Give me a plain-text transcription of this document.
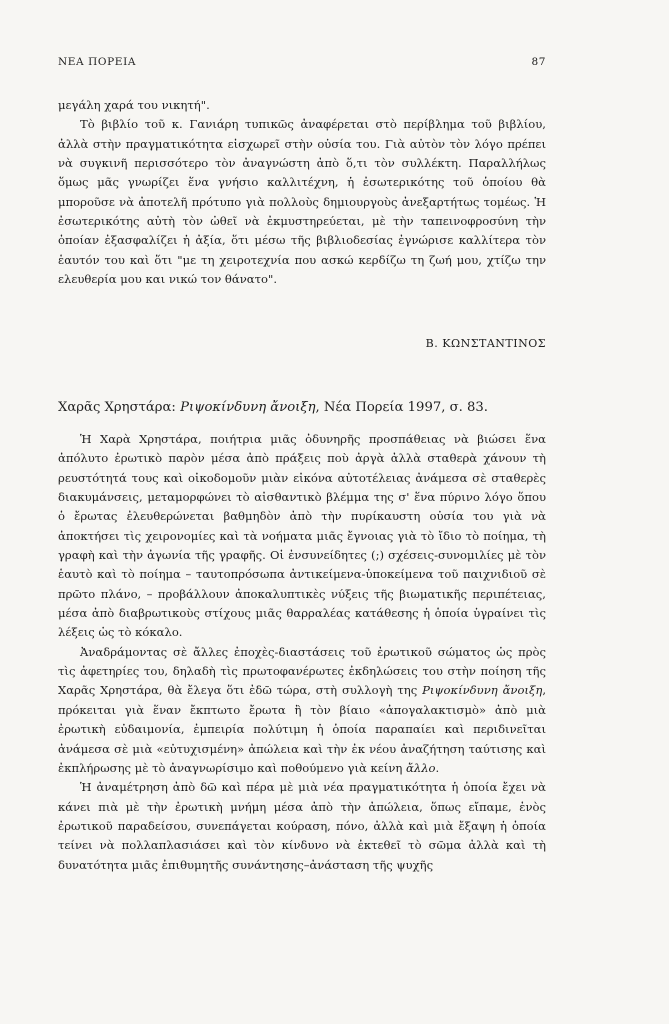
ΝΕΑ ΠΟΡΕΙΑ	87

μεγάλη χαρά του νικητή".

Τὸ βιβλίο τοῦ κ. Γανιάρη τυπικῶς ἀναφέρεται στὸ περίβλημα τοῦ βιβλίου, ἀλλὰ στὴν πραγματικότητα εἰσχωρεῖ στὴν οὐσία του. Γιὰ αὐτὸν τὸν λόγο πρέπει νὰ συγκινῆ περισσότερο τὸν ἀναγνώστη ἀπὸ ὅ,τι τὸν συλλέκτη. Παραλλήλως ὅμως μᾶς γνωρίζει ἕνα γνήσιο καλλιτέχνη, ἡ ἐσωτερικότης τοῦ ὁποίου θὰ μποροῦσε νὰ ἀποτελῆ πρότυπο γιὰ πολλοὺς δημιουργοὺς ἀνεξαρτήτως τομέως. Ἡ ἐσωτερικότης αὐτὴ τὸν ὠθεῖ νὰ ἐκμυστηρεύεται, μὲ τὴν ταπεινοφροσύνη τὴν ὁποίαν ἐξασφαλίζει ἡ ἀξία, ὅτι μέσω τῆς βιβλιοδεσίας ἐγνώρισε καλλίτερα τὸν ἑαυτόν του καὶ ὅτι "με τη χειροτεχνία που ασκώ κερδίζω τη ζωή μου, χτίζω την ελευθερία μου και νικώ τον θάνατο".

Β. ΚΩΝΣΤΑΝΤΙΝΟΣ
Χαρᾶς Χρηστάρα: Ριψοκίνδυνη ἄνοιξη, Νέα Πορεία 1997, σ. 83.

Ἡ Χαρὰ Χρηστάρα, ποιήτρια μιᾶς ὀδυνηρῆς προσπάθειας νὰ βιώσει ἕνα ἀπόλυτο ἐρωτικὸ παρὸν μέσα ἀπὸ πράξεις ποὺ ἀργὰ ἀλλὰ σταθερὰ χάνουν τὴ ρευστότητά τους καὶ οἰκοδομοῦν μιὰν εἰκόνα αὐτοτέλειας ἀνάμεσα σὲ σταθερὲς διακυμάνσεις, μεταμορφώνει τὸ αἰσθαντικὸ βλέμμα της σ' ἕνα πύρινο λόγο ὅπου ὁ ἔρωτας ἐλευθερώνεται βαθμηδὸν ἀπὸ τὴν πυρίκαυστη οὐσία του γιὰ νὰ ἀποκτήσει τὶς χειρονομίες καὶ τὰ νοήματα μιᾶς ἔγνοιας γιὰ τὸ ἴδιο τὸ ποίημα, τὴ γραφὴ καὶ τὴν ἀγωνία τῆς γραφῆς. Οἱ ἐνσυνείδητες (;) σχέσεις-συνομιλίες μὲ τὸν ἑαυτὸ καὶ τὸ ποίημα – ταυτοπρόσωπα ἀντικείμενα-ὑποκείμενα τοῦ παιχνιδιοῦ σὲ πρῶτο πλάνο, – προβάλλουν ἀποκαλυπτικὲς νύξεις τῆς βιωματικῆς περιπέτειας, μέσα ἀπὸ διαβρωτικοὺς στίχους μιᾶς θαρραλέας κατάθεσης ἡ ὁποία ὑγραίνει τὶς λέξεις ὡς τὸ κόκαλο.

Ἀναδράμοντας σὲ ἄλλες ἐποχὲς-διαστάσεις τοῦ ἐρωτικοῦ σώματος ὡς πρὸς τὶς ἀφετηρίες του, δηλαδὴ τὶς πρωτοφανέρωτες ἐκδηλώσεις του στὴν ποίηση τῆς Χαρᾶς Χρηστάρα, θὰ ἔλεγα ὅτι ἐδῶ τώρα, στὴ συλλογὴ της Ριψοκίνδυνη ἄνοιξη, πρόκειται γιὰ ἕναν ἔκπτωτο ἔρωτα ἢ τὸν βίαιο «ἀπογαλακτισμὸ» ἀπὸ μιὰ ἐρωτικὴ εὐδαιμονία, ἐμπειρία πολύτιμη ἡ ὁποία παραπαίει καὶ περιδινεῖται ἀνάμεσα σὲ μιὰ «εὐτυχισμένη» ἀπώλεια καὶ τὴν ἐκ νέου ἀναζήτηση ταύτισης καὶ ἐκπλήρωσης μὲ τὸ ἀναγνωρίσιμο καὶ ποθούμενο γιὰ κείνη ἄλλο.

Ἡ ἀναμέτρηση ἀπὸ δῶ καὶ πέρα μὲ μιὰ νέα πραγματικότητα ἡ ὁποία ἔχει νὰ κάνει πιὰ μὲ τὴν ἐρωτικὴ μνήμη μέσα ἀπὸ τὴν ἀπώλεια, ὅπως εἴπαμε, ἑνὸς ἐρωτικοῦ παραδείσου, συνεπάγεται κούραση, πόνο, ἀλλὰ καὶ μιὰ ἔξαψη ἡ ὁποία τείνει νὰ πολλαπλασιάσει καὶ τὸν κίνδυνο νὰ ἐκτεθεῖ τὸ σῶμα ἀλλὰ καὶ τὴ δυνατότητα μιᾶς ἐπιθυμητῆς συνάντησης–ἀνάσταση τῆς ψυχῆς
